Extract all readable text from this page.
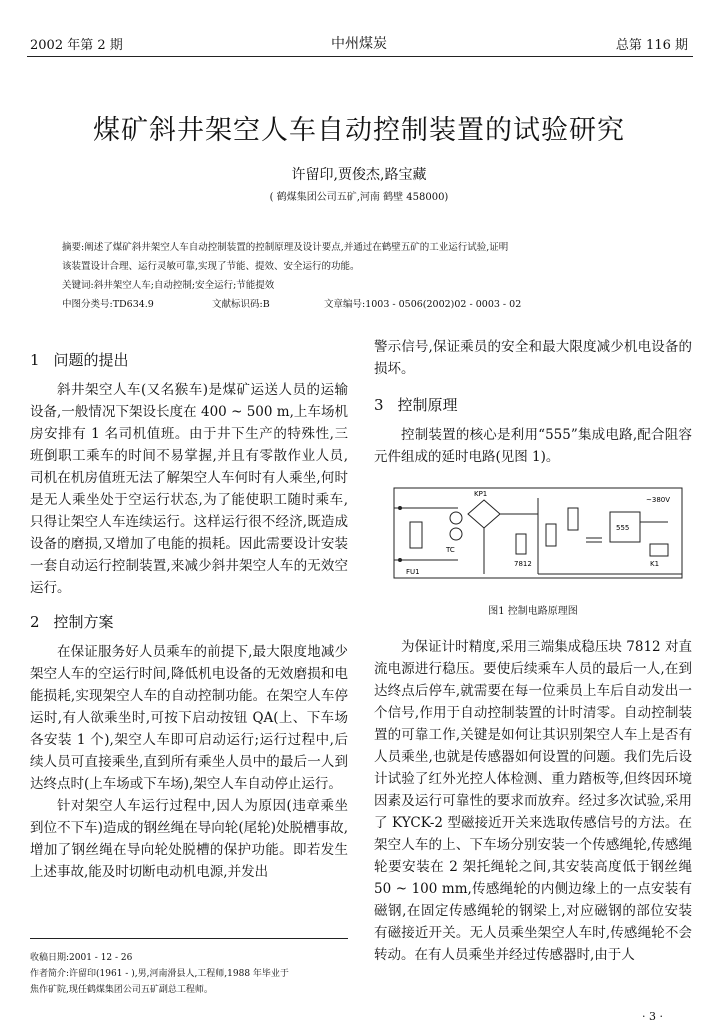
2002 年第 2 期	中州煤炭	总第 116 期
煤矿斜井架空人车自动控制装置的试验研究
许留印,贾俊杰,路宝藏
( 鹤煤集团公司五矿,河南 鹤壁 458000)
摘要:阐述了煤矿斜井架空人车自动控制装置的控制原理及设计要点,并通过在鹤壁五矿的工业运行试验,证明
该装置设计合理、运行灵敏可靠,实现了节能、提效、安全运行的功能。
关键词:斜井架空人车;自动控制;安全运行;节能提效
中图分类号:TD634.9	文献标识码:B	文章编号:1003 - 0506(2002)02 - 0003 - 02
1 问题的提出

斜井架空人车(又名猴车)是煤矿运送人员的运输设备,一般情况下架设长度在 400 ~ 500 m,上车场机房安排有 1 名司机值班。由于井下生产的特殊性,三班倒职工乘车的时间不易掌握,并且有零散作业人员,司机在机房值班无法了解架空人车何时有人乘坐,何时是无人乘坐处于空运行状态,为了能使职工随时乘车,只得让架空人车连续运行。这样运行很不经济,既造成设备的磨损,又增加了电能的损耗。因此需要设计安装一套自动运行控制装置,来减少斜井架空人车的无效空运行。

2 控制方案

在保证服务好人员乘车的前提下,最大限度地减少架空人车的空运行时间,降低机电设备的无效磨损和电能损耗,实现架空人车的自动控制功能。在架空人车停运时,有人欲乘坐时,可按下启动按钮 QA(上、下车场各安装 1 个),架空人车即可启动运行;运行过程中,后续人员可直接乘坐,直到所有乘坐人员中的最后一人到达终点时(上车场或下车场),架空人车自动停止运行。

针对架空人车运行过程中,因人为原因(违章乘坐到位不下车)造成的钢丝绳在导向轮(尾轮)处脱槽事故,增加了钢丝绳在导向轮处脱槽的保护功能。即若发生上述事故,能及时切断电动机电源,并发出

收稿日期:2001 - 12 - 26
作者简介:许留印(1961 - ),男,河南滑县人,工程师,1988 年毕业于
焦作矿院,现任鹤煤集团公司五矿副总工程师。

警示信号,保证乘员的安全和最大限度减少机电设备的损坏。

3 控制原理

控制装置的核心是利用“555”集成电路,配合阻容元件组成的延时电路(见图 1)。

FU1
TC
KP1
7812
555
K1
~380V
图1 控制电路原理图

为保证计时精度,采用三端集成稳压块 7812 对直流电源进行稳压。要使后续乘车人员的最后一人,在到达终点后停车,就需要在每一位乘员上车后自动发出一个信号,作用于自动控制装置的计时清零。自动控制装置的可靠工作,关键是如何让其识别架空人车上是否有人员乘坐,也就是传感器如何设置的问题。我们先后设计试验了红外光控人体检测、重力踏板等,但终因环境因素及运行可靠性的要求而放弃。经过多次试验,采用了 KYCK-2 型磁接近开关来选取传感信号的方法。在架空人车的上、下车场分别安装一个传感绳轮,传感绳轮要安装在 2 架托绳轮之间,其安装高度低于钢丝绳 50 ~ 100 mm,传感绳轮的内侧边缘上的一点安装有磁钢,在固定传感绳轮的钢梁上,对应磁钢的部位安装有磁接近开关。无人员乘坐架空人车时,传感绳轮不会转动。在有人员乘坐并经过传感器时,由于人

· 3 ·
